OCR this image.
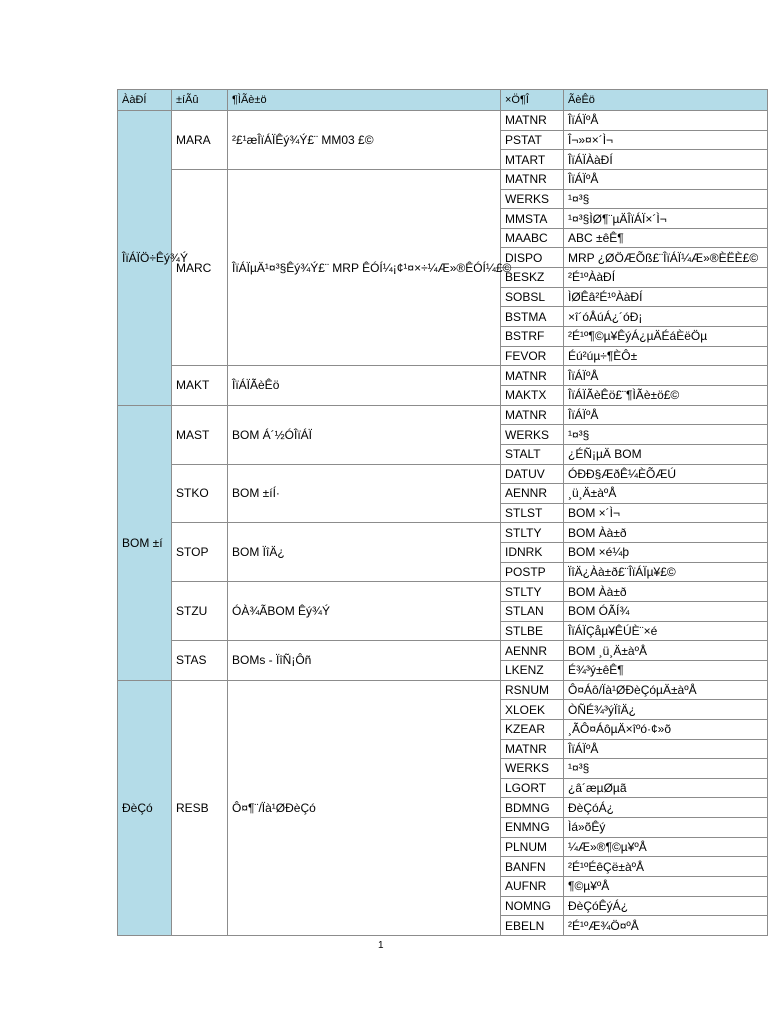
ÀàÐÍ	±íÃû	¶ÌÃè±ö	×Ö¶Î	ÃèÊö
ÎïÁÏÖ÷Êý¾Ý	MARA	²£¹æÎïÁÏÊý¾Ý£¨ MM03 £©	MATNR	ÎïÁÏºÅ
			PSTAT	Î¬»¤×´Ì¬
			MTART	ÎïÁÏÀàÐÍ
	MARC	ÎïÁÏµÄ¹¤³§Êý¾Ý£¨ MRP ÊÓÍ¼¡¢¹¤×÷¼Æ»®ÊÓÍ¼£©	MATNR	ÎïÁÏºÅ
			WERKS	¹¤³§
			MMSTA	¹¤³§ÌØ¶¨µÄÎïÁÏ×´Ì¬
			MAABC	ABC ±êÊ¶
			DISPO	MRP ¿ØÖÆÕß£¨ÎïÁÏ¼Æ»®ÈËÈ£©
			BESKZ	²É¹ºÀàÐÍ
			SOBSL	ÌØÊâ²É¹ºÀàÐÍ
			BSTMA	×î´óÅúÁ¿´óÐ¡
			BSTRF	²É¹º¶©µ¥ÊýÁ¿µÄÉáÈëÖµ
			FEVOR	Éú²úµ÷¶ÈÔ±
	MAKT	ÎïÁÏÃèÊö	MATNR	ÎïÁÏºÅ
			MAKTX	ÎïÁÏÃèÊö£¨¶ÌÃè±ö£©
BOM ±í	MAST	BOM Á´½ÓÎïÁÏ	MATNR	ÎïÁÏºÅ
			WERKS	¹¤³§
			STALT	¿ÉÑ¡µÄ BOM
	STKO	BOM ±íÍ·	DATUV	ÓÐÐ§ÆðÊ¼ÈÕÆÚ
			AENNR	¸ü¸Ä±àºÅ
			STLST	BOM ×´Ì¬
	STOP	BOM ÏîÄ¿	STLTY	BOM Àà±ð
			IDNRK	BOM ×é¼þ
			POSTP	ÏîÄ¿Àà±ð£¨ÎïÁÏµ¥£©
	STZU	ÓÀ¾ÃBOM Êý¾Ý	STLTY	BOM Àà±ð
			STLAN	BOM ÓÃÍ¾
			STLBE	ÎïÁÏÇåµ¥ÊÚÈ¨×é
	STAS	BOMs - ÏîÑ¡Ôñ	AENNR	BOM ¸ü¸Ä±àºÅ
			LKENZ	É¾³ý±êÊ¶
ÐèÇó	RESB	Ô¤¶¨/Ïà¹ØÐèÇó	RSNUM	Ô¤Áô/Ïà¹ØÐèÇóµÄ±àºÅ
			XLOEK	ÒÑÉ¾³ýÏîÄ¿
			KZEAR	¸ÃÔ¤ÁôµÄ×îºó·¢»õ
			MATNR	ÎïÁÏºÅ
			WERKS	¹¤³§
			LGORT	¿â´æµØµã
			BDMNG	ÐèÇóÁ¿
			ENMNG	Ìá»õÊý
			PLNUM	¼Æ»®¶©µ¥ºÅ
			BANFN	²É¹ºÉêÇë±àºÅ
			AUFNR	¶©µ¥ºÅ
			NOMNG	ÐèÇóÊýÁ¿
			EBELN	²É¹ºÆ¾Ö¤ºÅ
1
